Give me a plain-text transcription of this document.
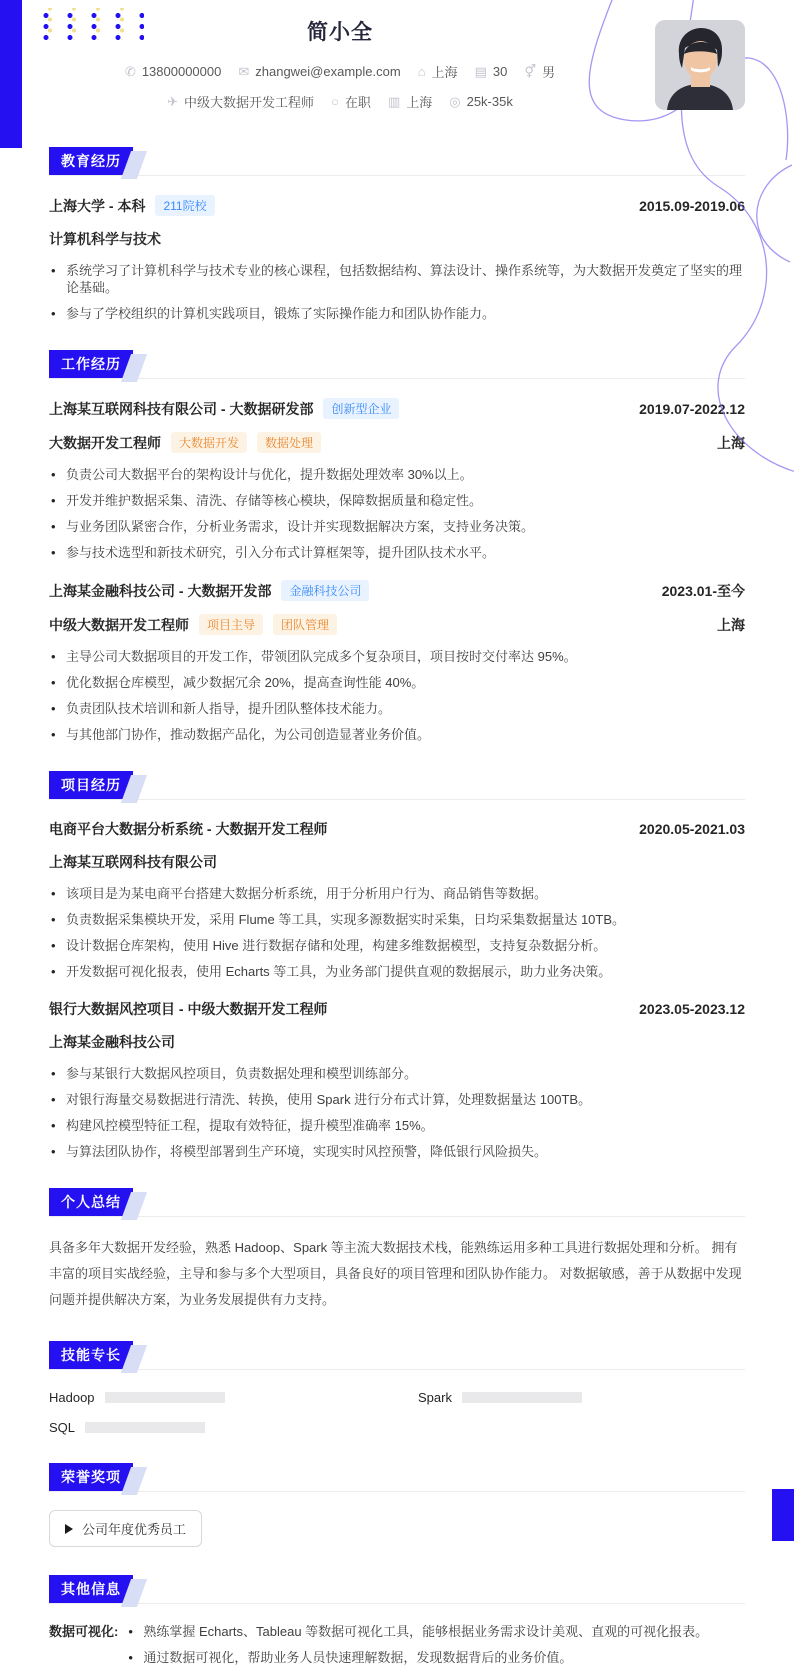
简小全
✆ 13800000000 ✉ zhangwei@example.com ⌂ 上海 ▤ 30 ⚥ 男
✈ 中级大数据开发工程师 ○ 在职 ▥ 上海 ◎ 25k-35k
教育经历
上海大学 - 本科	211院校	2015.09-2019.06
计算机科学与技术
• 系统学习了计算机科学与技术专业的核心课程，包括数据结构、算法设计、操作系统等，为大数据开发奠定了坚实的理论基础。
• 参与了学校组织的计算机实践项目，锻炼了实际操作能力和团队协作能力。
工作经历
上海某互联网科技有限公司 - 大数据研发部	创新型企业	2019.07-2022.12
大数据开发工程师	大数据开发	数据处理	上海
• 负责公司大数据平台的架构设计与优化，提升数据处理效率 30%以上。
• 开发并维护数据采集、清洗、存储等核心模块，保障数据质量和稳定性。
• 与业务团队紧密合作，分析业务需求，设计并实现数据解决方案，支持业务决策。
• 参与技术选型和新技术研究，引入分布式计算框架等，提升团队技术水平。
上海某金融科技公司 - 大数据开发部	金融科技公司	2023.01-至今
中级大数据开发工程师	项目主导	团队管理	上海
• 主导公司大数据项目的开发工作，带领团队完成多个复杂项目，项目按时交付率达 95%。
• 优化数据仓库模型，减少数据冗余 20%，提高查询性能 40%。
• 负责团队技术培训和新人指导，提升团队整体技术能力。
• 与其他部门协作，推动数据产品化，为公司创造显著业务价值。
项目经历
电商平台大数据分析系统 - 大数据开发工程师	2020.05-2021.03
上海某互联网科技有限公司
• 该项目是为某电商平台搭建大数据分析系统，用于分析用户行为、商品销售等数据。
• 负责数据采集模块开发，采用 Flume 等工具，实现多源数据实时采集，日均采集数据量达 10TB。
• 设计数据仓库架构，使用 Hive 进行数据存储和处理，构建多维数据模型，支持复杂数据分析。
• 开发数据可视化报表，使用 Echarts 等工具，为业务部门提供直观的数据展示，助力业务决策。
银行大数据风控项目 - 中级大数据开发工程师	2023.05-2023.12
上海某金融科技公司
• 参与某银行大数据风控项目，负责数据处理和模型训练部分。
• 对银行海量交易数据进行清洗、转换，使用 Spark 进行分布式计算，处理数据量达 100TB。
• 构建风控模型特征工程，提取有效特征，提升模型准确率 15%。
• 与算法团队协作，将模型部署到生产环境，实现实时风控预警，降低银行风险损失。
个人总结

具备多年大数据开发经验，熟悉 Hadoop、Spark 等主流大数据技术栈，能熟练运用多种工具进行数据处理和分析。 拥有丰富的项目实战经验，主导和参与多个大型项目，具备良好的项目管理和团队协作能力。 对数据敏感，善于从数据中发现问题并提供解决方案，为业务发展提供有力支持。

技能专长
Hadoop	Spark
SQL
荣誉奖项
公司年度优秀员工
其他信息
数据可视化:	• 熟练掌握 Echarts、Tableau 等数据可视化工具，能够根据业务需求设计美观、直观的可视化报表。
• 通过数据可视化，帮助业务人员快速理解数据，发现数据背后的业务价值。
